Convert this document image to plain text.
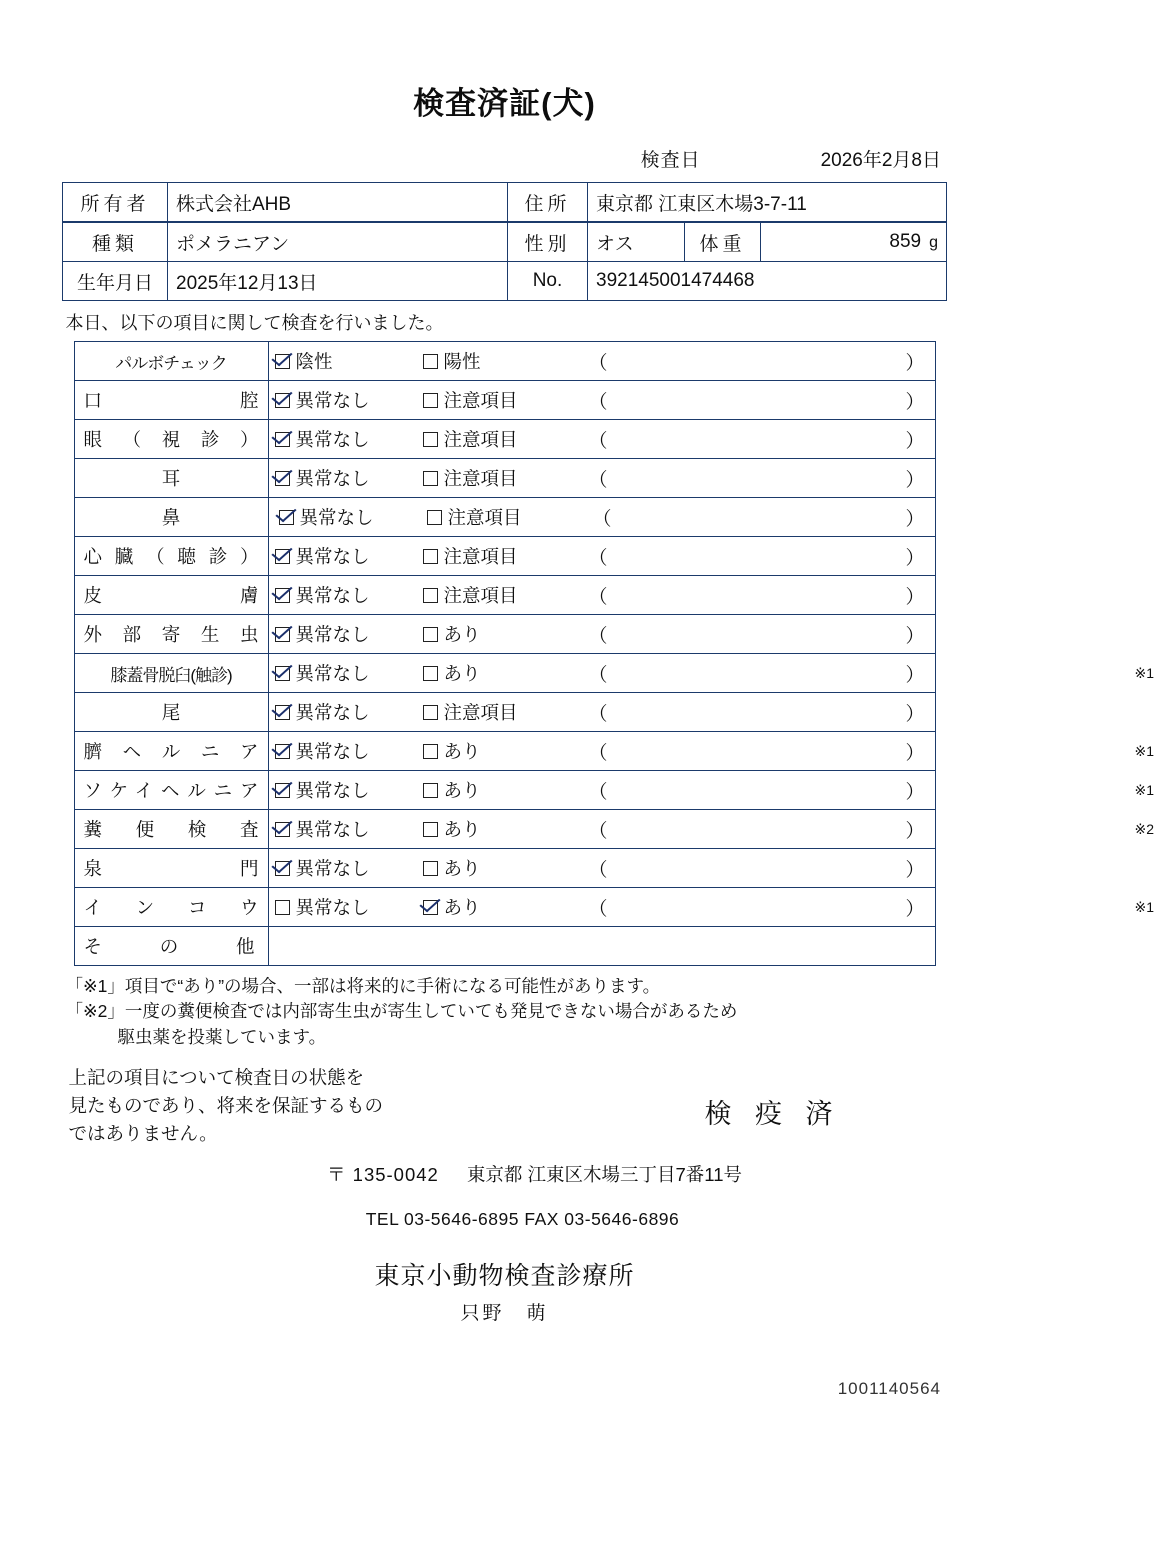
検査済証(犬)
検査日	2026年2月8日
所有者	株式会社AHB	住所	東京都 江東区木場3-7-11
種類	ポメラニアン	性別	オス	体重	859 g
生年月日	2025年12月13日	No.	392145001474468		
本日、以下の項目に関して検査を行いました。
パルボチェック	陰性 陽性 （ ）

口　　　　腔	異常なし 注意項目 （ ）

眼（視診）	異常なし 注意項目 （ ）

耳	異常なし 注意項目 （ ）

鼻	異常なし 注意項目 （ ）

心臓（聴診）	異常なし 注意項目 （ ）

皮　　　　膚	異常なし 注意項目 （ ）

外部寄生虫	異常なし あり （ ）

膝蓋骨脱臼(触診)	異常なし あり （ ） ※1

尾	異常なし 注意項目 （ ）

臍ヘルニア	異常なし あり （ ） ※1

ソケイヘルニア	異常なし あり （ ） ※1

糞便検査	異常なし あり （ ） ※2

泉　　　　門	異常なし あり （ ）

インコウ	異常なし あり （ ） ※1

そ　の　他	
「※1」項目で“あり”の場合、一部は将来的に手術になる可能性があります。
「※2」一度の糞便検査では内部寄生虫が寄生していても発見できない場合があるため
駆虫薬を投薬しています。
上記の項目について検査日の状態を
見たものであり、将来を保証するもの
ではありません。
検 疫 済
〒 135-0042 東京都 江東区木場三丁目7番11号
TEL 03-5646-6895 FAX 03-5646-6896
東京小動物検査診療所
只野　萌
1001140564
